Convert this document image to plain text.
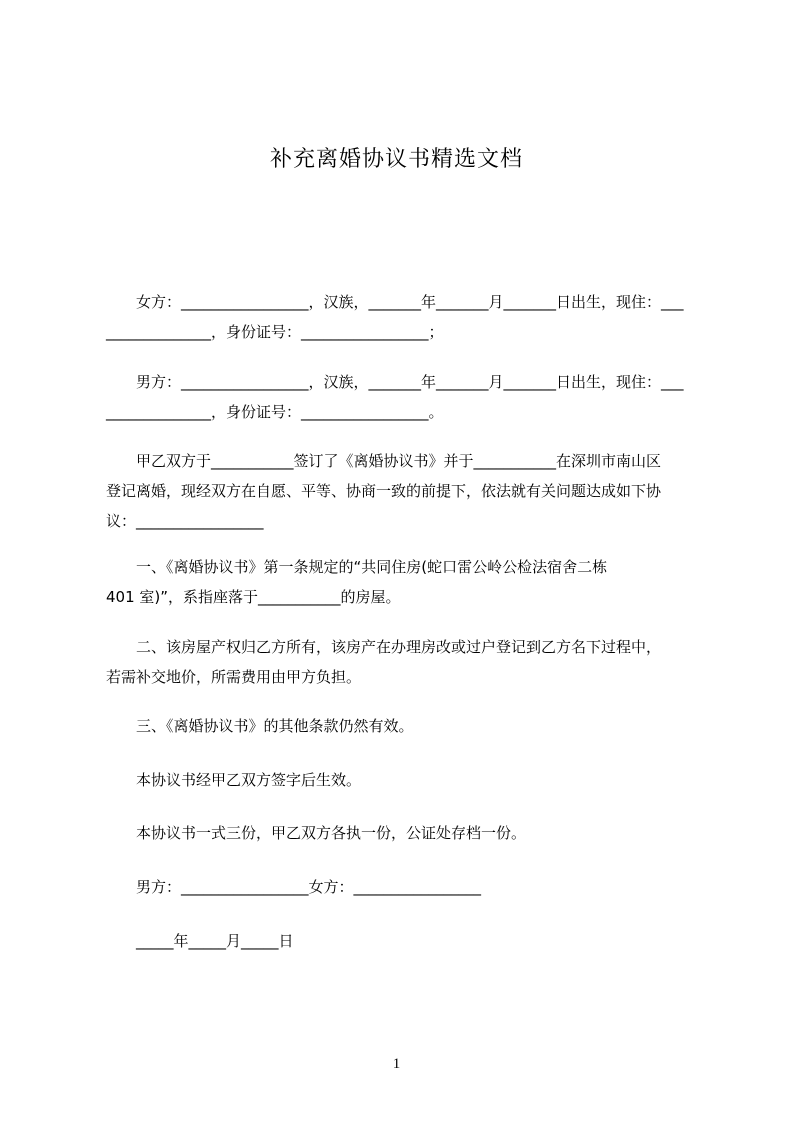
补充离婚协议书精选文档
女方：_________________，汉族，_______年_______月_______日出生，现住：___
______________，身份证号：_________________；
男方：_________________，汉族，_______年_______月_______日出生，现住：___
______________，身份证号：_________________。
甲乙双方于___________签订了《离婚协议书》并于___________在深圳市南山区
登记离婚，现经双方在自愿、平等、协商一致的前提下，依法就有关问题达成如下协
议：_________________
一、《离婚协议书》第一条规定的“共同住房(蛇口雷公岭公检法宿舍二栋
401 室)”，系指座落于___________的房屋。
二、该房屋产权归乙方所有，该房产在办理房改或过户登记到乙方名下过程中，
若需补交地价，所需费用由甲方负担。
三、《离婚协议书》的其他条款仍然有效。
本协议书经甲乙双方签字后生效。
本协议书一式三份，甲乙双方各执一份，公证处存档一份。
男方：_________________女方：_________________
_____年_____月_____日
1
